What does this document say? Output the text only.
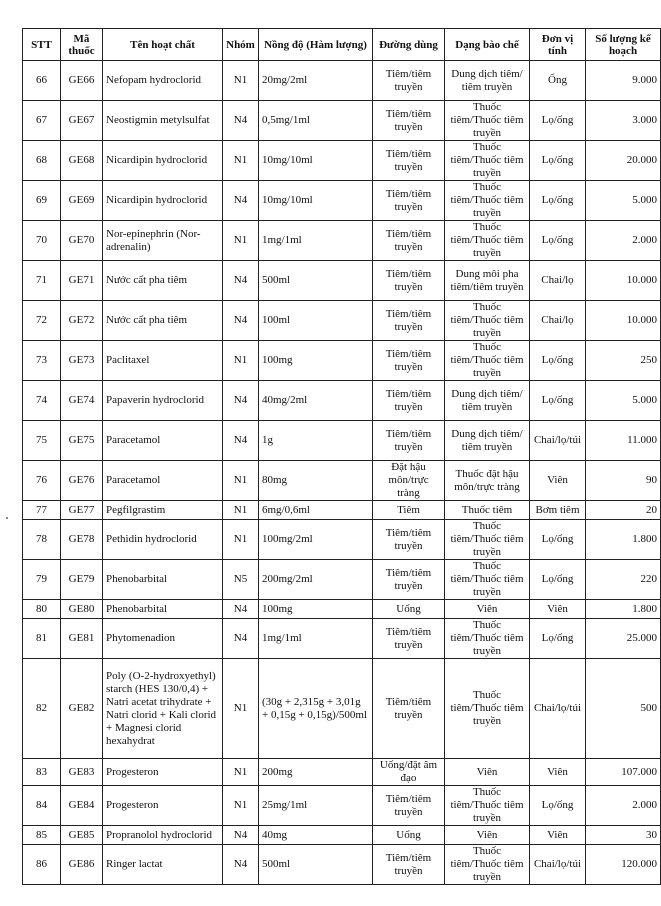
STT	Mã thuốc	Tên hoạt chất	Nhóm	Nồng độ (Hàm lượng)	Đường dùng	Dạng bào chế	Đơn vị tính	Số lượng kế hoạch
66	GE66	Nefopam hydroclorid	N1	20mg/2ml	Tiêm/tiêm truyền	Dung dịch tiêm/ tiêm truyền	Ống	9.000
67	GE67	Neostigmin metylsulfat	N4	0,5mg/1ml	Tiêm/tiêm truyền	Thuốc tiêm/Thuốc tiêm truyền	Lọ/ống	3.000
68	GE68	Nicardipin hydroclorid	N1	10mg/10ml	Tiêm/tiêm truyền	Thuốc tiêm/Thuốc tiêm truyền	Lọ/ống	20.000
69	GE69	Nicardipin hydroclorid	N4	10mg/10ml	Tiêm/tiêm truyền	Thuốc tiêm/Thuốc tiêm truyền	Lọ/ống	5.000
70	GE70	Nor-epinephrin (Nor-adrenalin)	N1	1mg/1ml	Tiêm/tiêm truyền	Thuốc tiêm/Thuốc tiêm truyền	Lọ/ống	2.000
71	GE71	Nước cất pha tiêm	N4	500ml	Tiêm/tiêm truyền	Dung môi pha tiêm/tiêm truyền	Chai/lọ	10.000
72	GE72	Nước cất pha tiêm	N4	100ml	Tiêm/tiêm truyền	Thuốc tiêm/Thuốc tiêm truyền	Chai/lọ	10.000
73	GE73	Paclitaxel	N1	100mg	Tiêm/tiêm truyền	Thuốc tiêm/Thuốc tiêm truyền	Lọ/ống	250
74	GE74	Papaverin hydroclorid	N4	40mg/2ml	Tiêm/tiêm truyền	Dung dịch tiêm/ tiêm truyền	Lọ/ống	5.000
75	GE75	Paracetamol	N4	1g	Tiêm/tiêm truyền	Dung dịch tiêm/ tiêm truyền	Chai/lọ/túi	11.000
76	GE76	Paracetamol	N1	80mg	Đặt hậu môn/trực tràng	Thuốc đặt hậu môn/trực tràng	Viên	90
77	GE77	Pegfilgrastim	N1	6mg/0,6ml	Tiêm	Thuốc tiêm	Bơm tiêm	20
78	GE78	Pethidin hydroclorid	N1	100mg/2ml	Tiêm/tiêm truyền	Thuốc tiêm/Thuốc tiêm truyền	Lọ/ống	1.800
79	GE79	Phenobarbital	N5	200mg/2ml	Tiêm/tiêm truyền	Thuốc tiêm/Thuốc tiêm truyền	Lọ/ống	220
80	GE80	Phenobarbital	N4	100mg	Uống	Viên	Viên	1.800
81	GE81	Phytomenadion	N4	1mg/1ml	Tiêm/tiêm truyền	Thuốc tiêm/Thuốc tiêm truyền	Lọ/ống	25.000
82	GE82	Poly (O-2-hydroxyethyl) starch (HES 130/0,4) + Natri acetat trihydrate + Natri clorid + Kali clorid + Magnesi clorid hexahydrat	N1	(30g + 2,315g + 3,01g + 0,15g + 0,15g)/500ml	Tiêm/tiêm truyền	Thuốc tiêm/Thuốc tiêm truyền	Chai/lọ/túi	500
83	GE83	Progesteron	N1	200mg	Uống/đặt âm đạo	Viên	Viên	107.000
84	GE84	Progesteron	N1	25mg/1ml	Tiêm/tiêm truyền	Thuốc tiêm/Thuốc tiêm truyền	Lọ/ống	2.000
85	GE85	Propranolol hydroclorid	N4	40mg	Uống	Viên	Viên	30
86	GE86	Ringer lactat	N4	500ml	Tiêm/tiêm truyền	Thuốc tiêm/Thuốc tiêm truyền	Chai/lọ/túi	120.000
